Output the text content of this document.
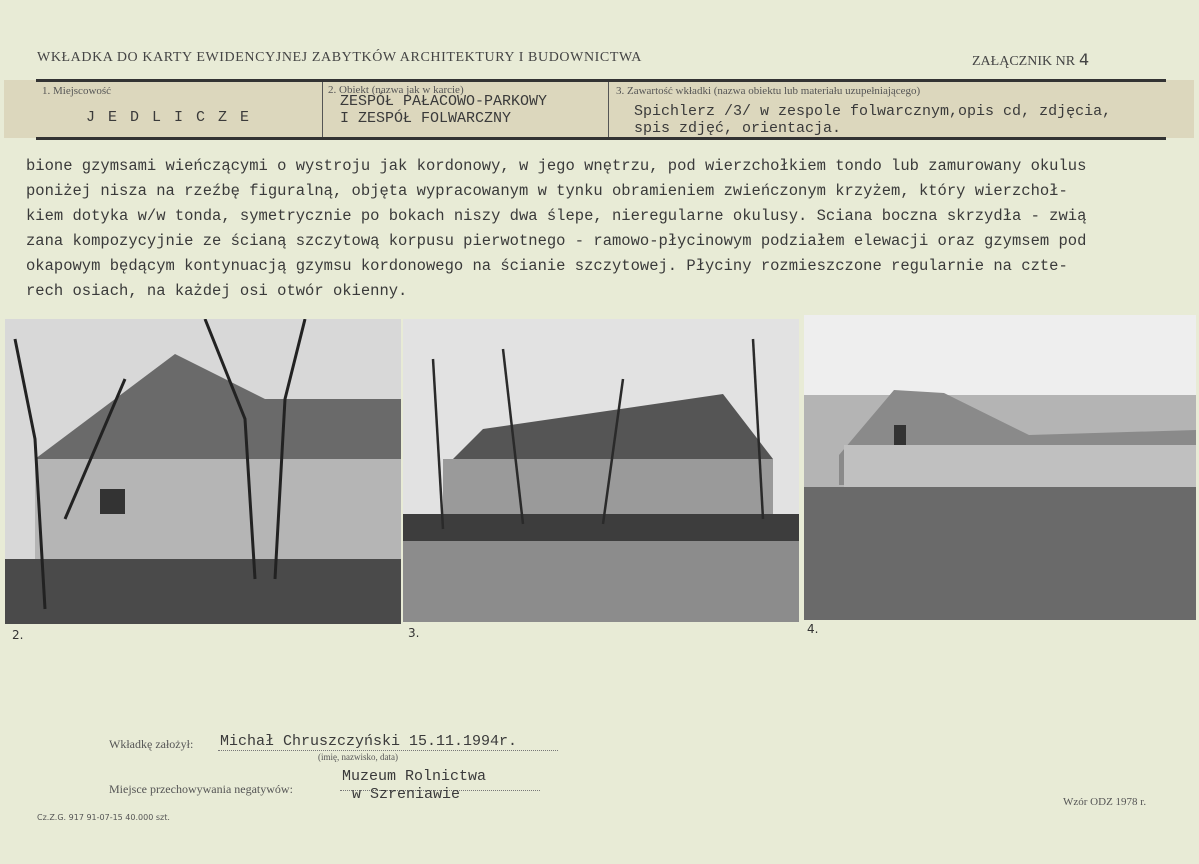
WKŁADKA DO KARTY EWIDENCYJNEJ ZABYTKÓW ARCHITEKTURY I BUDOWNICTWA	ZAŁĄCZNIK NR 4
1. Miejscowość
J E D L I C Z E
2. Obiekt (nazwa jak w karcie)
ZESPÓŁ PAŁACOWO-PARKOWY
I ZESPÓŁ FOLWARCZNY
3. Zawartość wkładki (nazwa obiektu lub materiału uzupełniającego)
Spichlerz /3/ w zespole folwarcznym,opis cd, zdjęcia,
spis zdjęć, orientacja.
bione gzymsami wieńczącymi o wystroju jak kordonowy, w jego wnętrzu, pod wierzchołkiem tondo lub zamurowany okulus
poniżej nisza na rzeźbę figuralną, objęta wypracowanym w tynku obramieniem zwieńczonym krzyżem, który wierzchoł-
kiem dotyka w/w tonda, symetrycznie po bokach niszy dwa ślepe, nieregularne okulusy. Sciana boczna skrzydła - zwią
zana kompozycyjnie ze ścianą szczytową korpusu pierwotnego - ramowo-płycinowym podziałem elewacji oraz gzymsem pod
okapowym będącym kontynuacją gzymsu kordonowego na ścianie szczytowej. Płyciny rozmieszczone regularnie na czte-
rech osiach, na każdej osi otwór okienny.
2.	3.	4.
Wkładkę założył: Michał Chruszczyński 15.11.1994r.
(imię, nazwisko, data)
Miejsce przechowywania negatywów:
Muzeum Rolnictwa
w Szreniawie
Cz.Z.G. 917 91-07-15 40.000 szt.
Wzór ODZ 1978 r.
